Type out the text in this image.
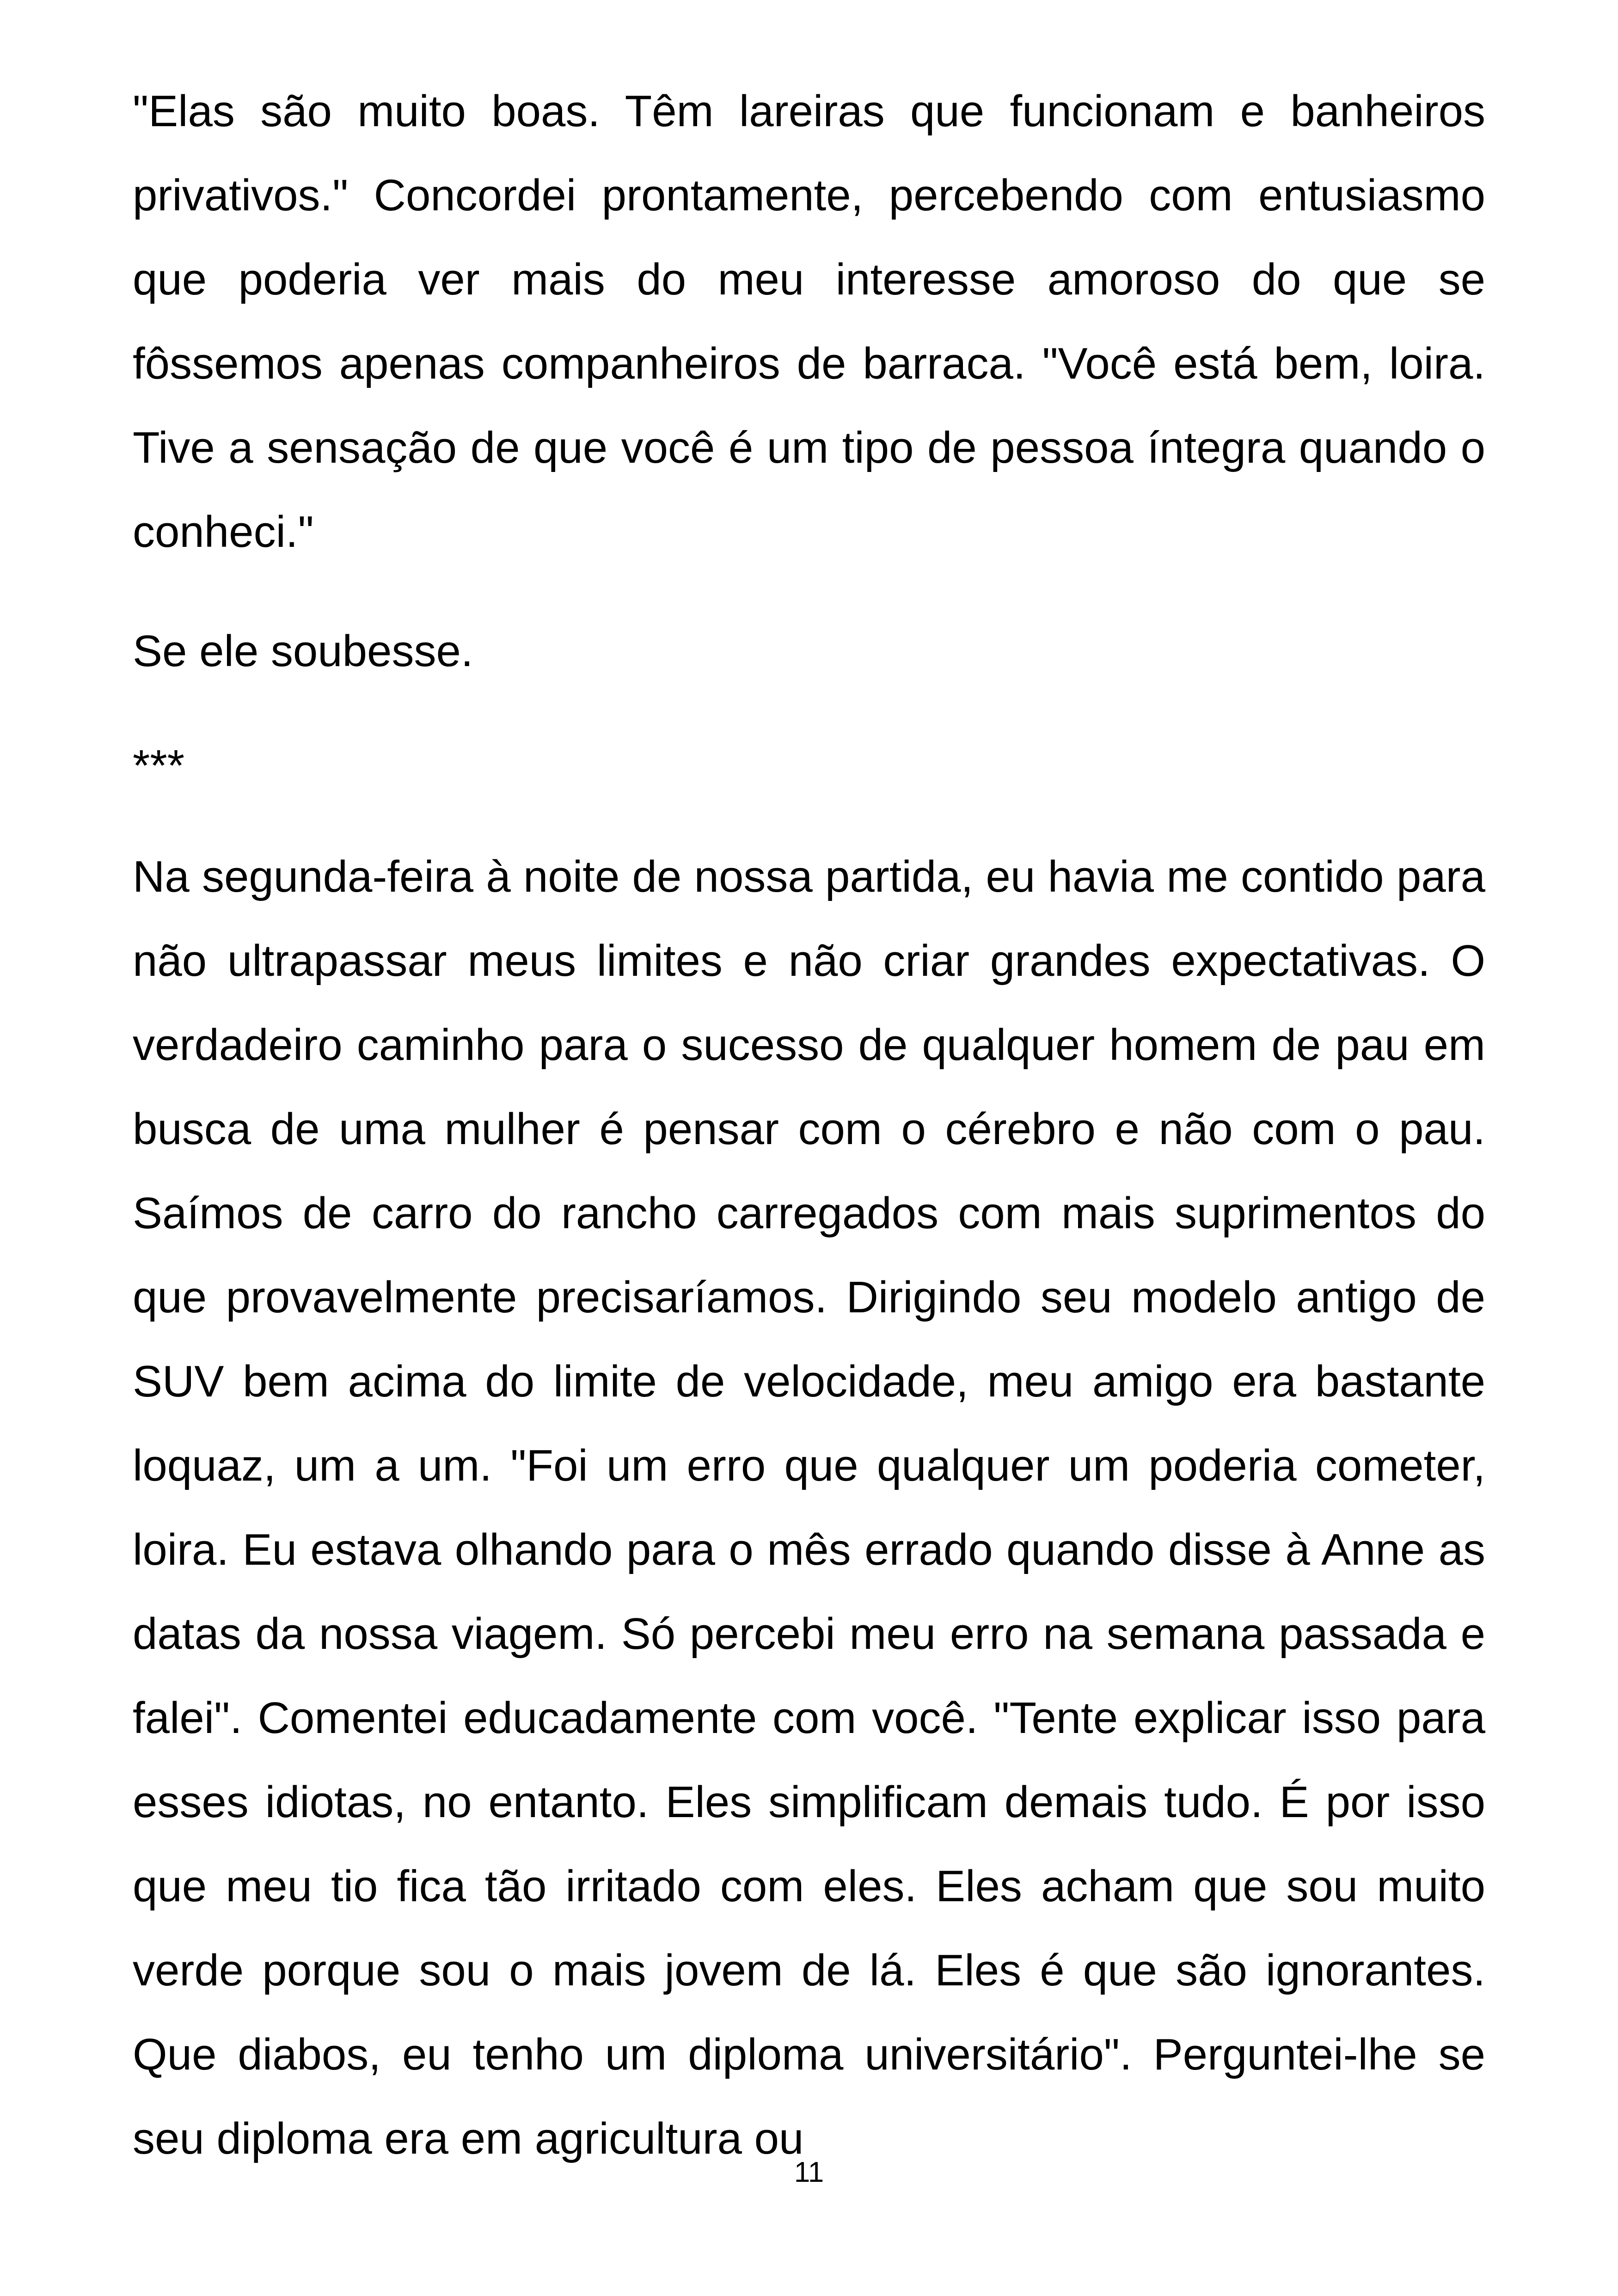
"Elas são muito boas. Têm lareiras que funcionam e banheiros privativos." Concordei prontamente, percebendo com entusiasmo que poderia ver mais do meu interesse amoroso do que se fôssemos apenas companheiros de barraca. "Você está bem, loira. Tive a sensação de que você é um tipo de pessoa íntegra quando o conheci."

Se ele soubesse.

***

Na segunda-feira à noite de nossa partida, eu havia me contido para não ultrapassar meus limites e não criar grandes expectativas. O verdadeiro caminho para o sucesso de qualquer homem de pau em busca de uma mulher é pensar com o cérebro e não com o pau. Saímos de carro do rancho carregados com mais suprimentos do que provavelmente precisaríamos. Dirigindo seu modelo antigo de SUV bem acima do limite de velocidade, meu amigo era bastante loquaz, um a um. "Foi um erro que qualquer um poderia cometer, loira. Eu estava olhando para o mês errado quando disse à Anne as datas da nossa viagem. Só percebi meu erro na semana passada e falei". Comentei educadamente com você. "Tente explicar isso para esses idiotas, no entanto. Eles simplificam demais tudo. É por isso que meu tio fica tão irritado com eles. Eles acham que sou muito verde porque sou o mais jovem de lá. Eles é que são ignorantes. Que diabos, eu tenho um diploma universitário". Perguntei-lhe se seu diploma era em agricultura ou

11
